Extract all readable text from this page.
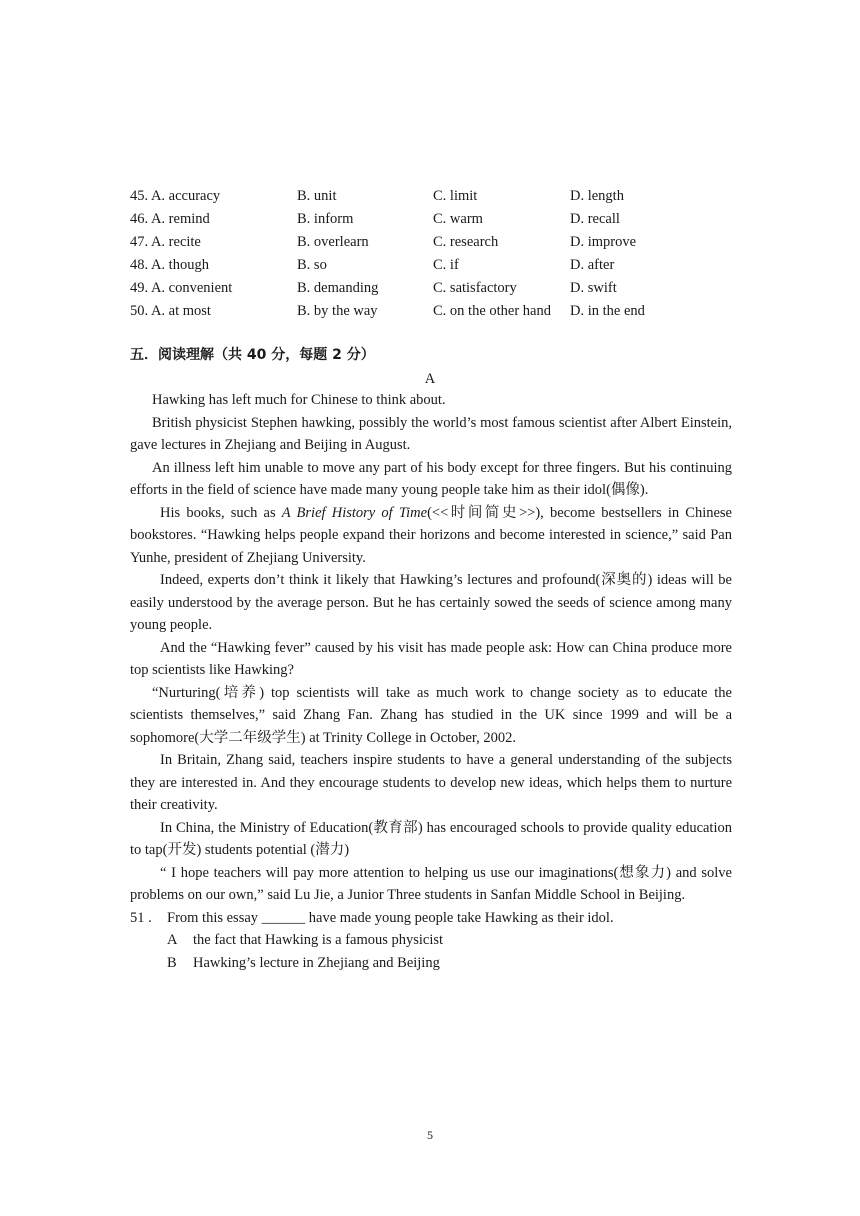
45. A. accuracy	B. unit	C. limit	D. length
46. A. remind	B. inform	C. warm	D. recall
47. A. recite	B. overlearn	C. research	D. improve
48. A. though	B. so	C. if	D. after
49. A. convenient	B. demanding	C. satisfactory	D. swift
50. A. at most	B. by the way	C. on the other hand D. in the end
五．阅读理解（共 40 分，每题 2 分）
A

Hawking has left much for Chinese to think about.

British physicist Stephen hawking, possibly the world’s most famous scientist after Albert Einstein, gave lectures in Zhejiang and Beijing in August.

An illness left him unable to move any part of his body except for three fingers. But his continuing efforts in the field of science have made many young people take him as their idol(偶像).

His books, such as A Brief History of Time(<<时间简史>>), become bestsellers in Chinese bookstores. “Hawking helps people expand their horizons and become interested in science,” said Pan Yunhe, president of Zhejiang University.

Indeed, experts don’t think it likely that Hawking’s lectures and profound(深奥的) ideas will be easily understood by the average person. But he has certainly sowed the seeds of science among many young people.

And the “Hawking fever” caused by his visit has made people ask: How can China produce more top scientists like Hawking?

“Nurturing(培养) top scientists will take as much work to change society as to educate the scientists themselves,” said Zhang Fan. Zhang has studied in the UK since 1999 and will be a sophomore(大学二年级学生) at Trinity College in October, 2002.

In Britain, Zhang said, teachers inspire students to have a general understanding of the subjects they are interested in. And they encourage students to develop new ideas, which helps them to nurture their creativity.

In China, the Ministry of Education(教育部) has encouraged schools to provide quality education to tap(开发) students potential (潜力)

“ I hope teachers will pay more attention to helping us use our imaginations(想象力) and solve problems on our own,” said Lu Jie, a Junior Three students in Sanfan Middle School in Beijing.

51 . From this essay ______ have made young people take Hawking as their idol.

A the fact that Hawking is a famous physicist

B Hawking’s lecture in Zhejiang and Beijing

5
